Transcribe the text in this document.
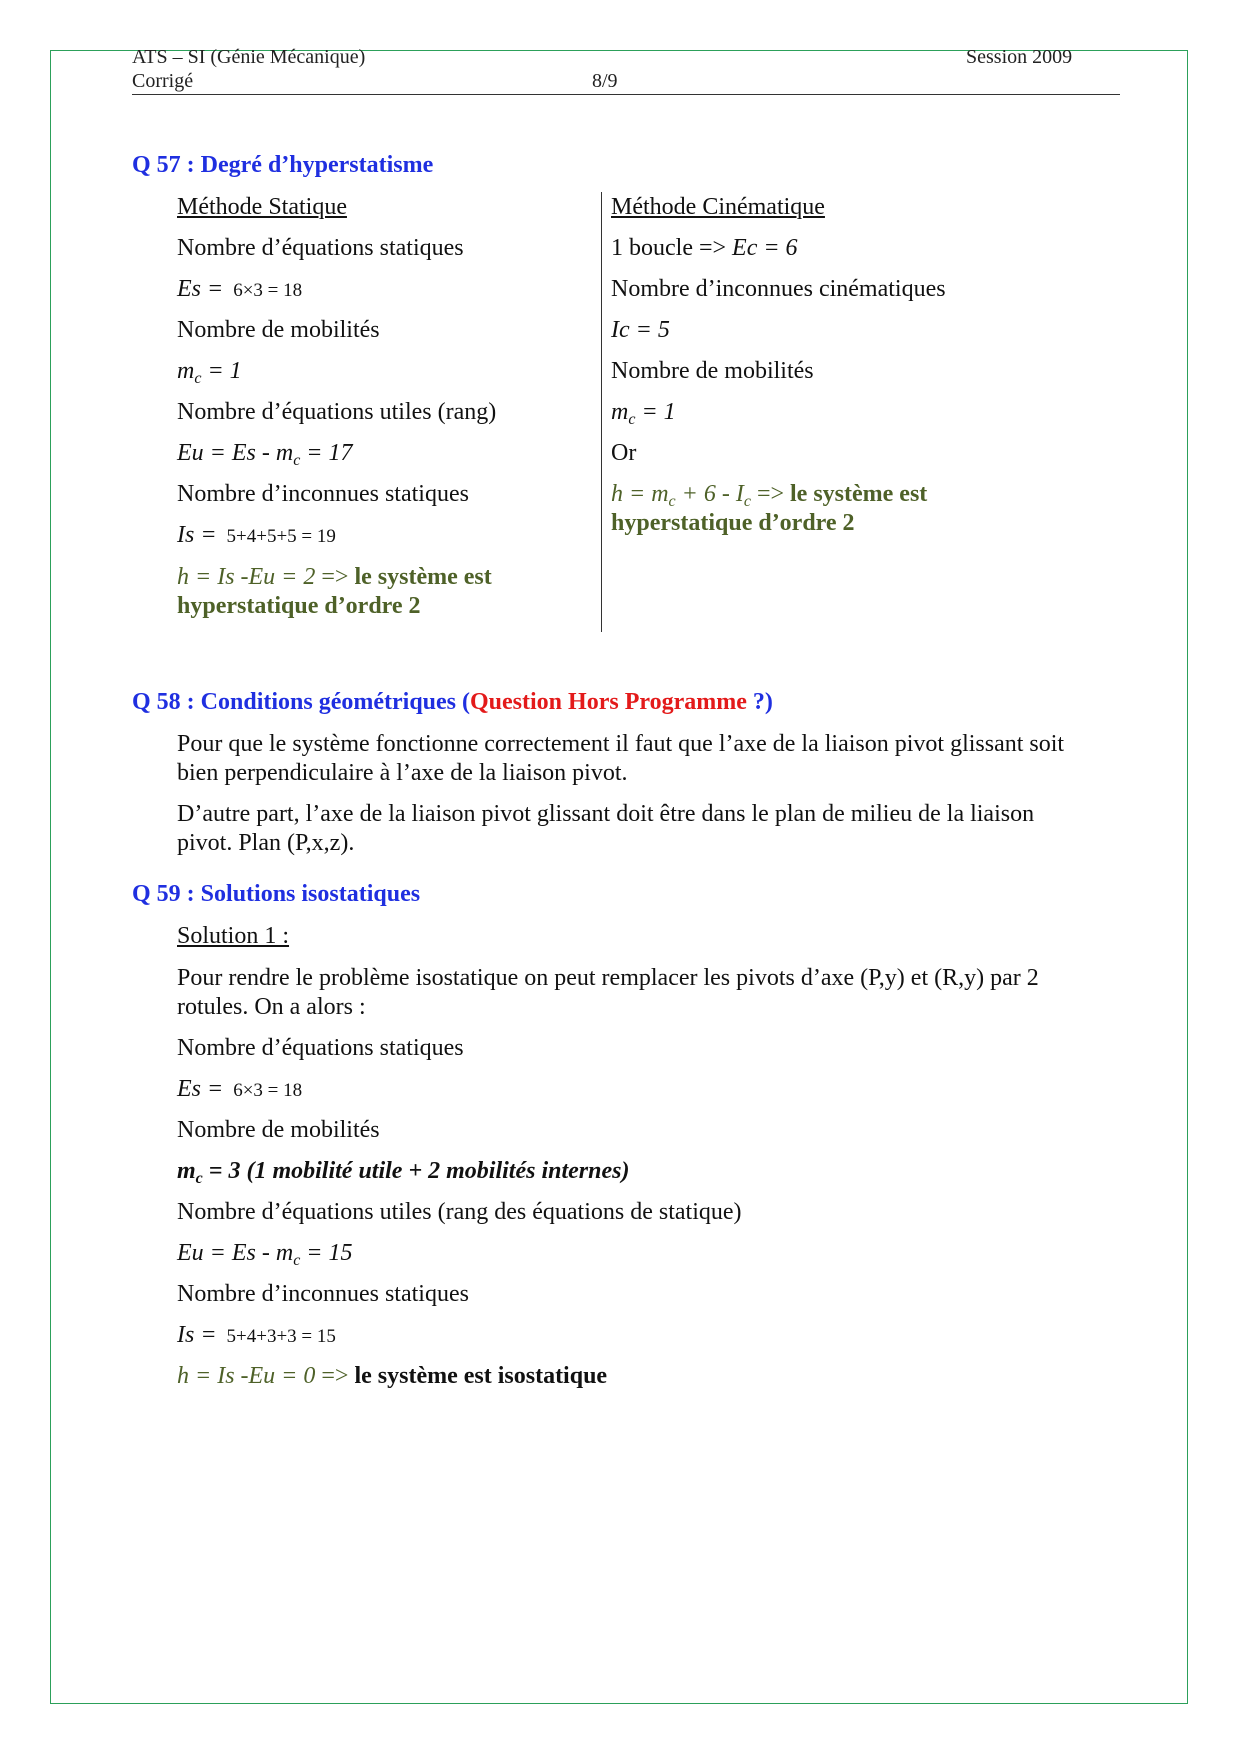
ATS – SI (Génie Mécanique)	Session 2009
Corrigé	8/9
Q 57 : Degré d’hyperstatisme
Méthode Statique
Nombre d’équations statiques
Es = 6×3 = 18
Nombre de mobilités
$m_c = 1$
Nombre d’équations utiles (rang)
$Eu = Es - m_c = 17$
Nombre d’inconnues statiques
Is = 5+4+5+5 = 19
h = Is -Eu = 2 => le système est
hyperstatique d’ordre 2
Méthode Cinématique
1 boucle => Ec = 6
Nombre d’inconnues cinématiques
Ic = 5
Nombre de mobilités
$m_c = 1$
Or
$h = m_c + 6 - I_c$ => le système est
hyperstatique d’ordre 2
Q 58 : Conditions géométriques (Question Hors Programme ?)
Pour que le système fonctionne correctement il faut que l’axe de la liaison pivot glissant soit
bien perpendiculaire à l’axe de la liaison pivot.
D’autre part, l’axe de la liaison pivot glissant doit être dans le plan de milieu de la liaison
pivot. Plan (P,x,z).
Q 59 : Solutions isostatiques
Solution 1 :
Pour rendre le problème isostatique on peut remplacer les pivots d’axe (P,y) et (R,y) par 2
rotules. On a alors :
Nombre d’équations statiques
Es = 6×3 = 18
Nombre de mobilités
$m_c = 3$ (1 mobilité utile + 2 mobilités internes)
Nombre d’équations utiles (rang des équations de statique)
$Eu = Es - m_c = 15$
Nombre d’inconnues statiques
Is = 5+4+3+3 = 15
h = Is -Eu = 0 => le système est isostatique
